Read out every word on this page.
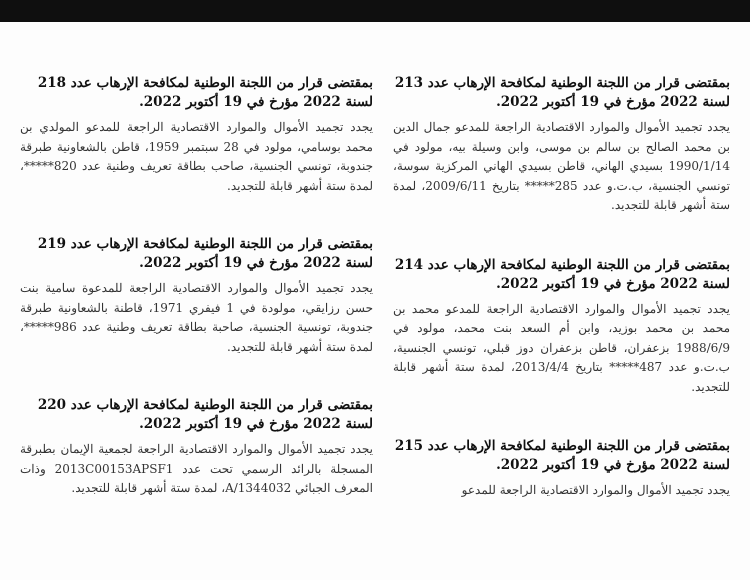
بمقتضى قرار من اللجنة الوطنية لمكافحة الإرهاب عدد 213 لسنة 2022 مؤرخ في 19 أكتوبر 2022.

يجدد تجميد الأموال والموارد الاقتصادية الراجعة للمدعو جمال الدين بن محمد الصالح بن سالم بن موسى، وابن وسيلة بيه، مولود في 1990/1/14 بسيدي الهاني، قاطن بسيدي الهاني المركزية سوسة، تونسي الجنسية، ب.ت.و عدد 285***** بتاريخ 2009/6/11، لمدة ستة أشهر قابلة للتجديد.

بمقتضى قرار من اللجنة الوطنية لمكافحة الإرهاب عدد 214 لسنة 2022 مؤرخ في 19 أكتوبر 2022.

يجدد تجميد الأموال والموارد الاقتصادية الراجعة للمدعو محمد بن محمد بن محمد بوزيد، وابن أم السعد بنت محمد، مولود في 1988/6/9 بزعفران، قاطن بزعفران دوز قبلي، تونسي الجنسية، ب.ت.و عدد 487***** بتاريخ 2013/4/4، لمدة ستة أشهر قابلة للتجديد.

بمقتضى قرار من اللجنة الوطنية لمكافحة الإرهاب عدد 215 لسنة 2022 مؤرخ في 19 أكتوبر 2022.

يجدد تجميد الأموال والموارد الاقتصادية الراجعة للمدعو

بمقتضى قرار من اللجنة الوطنية لمكافحة الإرهاب عدد 218 لسنة 2022 مؤرخ في 19 أكتوبر 2022.

يجدد تجميد الأموال والموارد الاقتصادية الراجعة للمدعو المولدي بن محمد بوسامي، مولود في 28 سبتمبر 1959، قاطن بالشعاونية طبرقة جندوبة، تونسي الجنسية، صاحب بطاقة تعريف وطنية عدد 820*****، لمدة ستة أشهر قابلة للتجديد.

بمقتضى قرار من اللجنة الوطنية لمكافحة الإرهاب عدد 219 لسنة 2022 مؤرخ في 19 أكتوبر 2022.

يجدد تجميد الأموال والموارد الاقتصادية الراجعة للمدعوة سامية بنت حسن رزايقي، مولودة في 1 فيفري 1971، قاطنة بالشعاونية طبرقة جندوبة، تونسية الجنسية، صاحبة بطاقة تعريف وطنية عدد 986*****، لمدة ستة أشهر قابلة للتجديد.

بمقتضى قرار من اللجنة الوطنية لمكافحة الإرهاب عدد 220 لسنة 2022 مؤرخ في 19 أكتوبر 2022.

يجدد تجميد الأموال والموارد الاقتصادية الراجعة لجمعية الإيمان بطبرقة المسجلة بالرائد الرسمي تحت عدد 2013C00153APSF1 وذات المعرف الجبائي A/1344032، لمدة ستة أشهر قابلة للتجديد.
